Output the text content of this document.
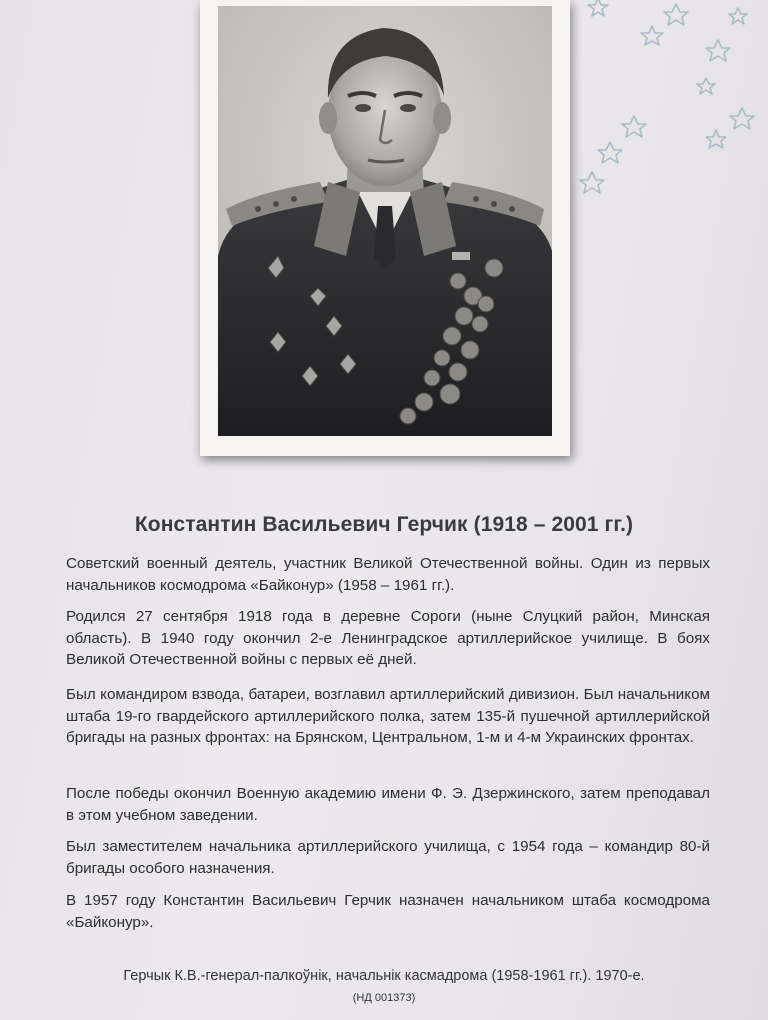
Константин Васильевич Герчик (1918 – 2001 гг.)

Советский военный деятель, участник Великой Отечественной войны. Один из первых начальников космодрома «Байконур» (1958 – 1961 гг.).

Родился 27 сентября 1918 года в деревне Сороги (ныне Слуцкий район, Минская область). В 1940 году окончил 2-е Ленинградское артиллерийское училище. В боях Великой Отечественной войны с первых её дней.

Был командиром взвода, батареи, возглавил артиллерийский дивизион. Был начальником штаба 19-го гвардейского артиллерийского полка, затем 135-й пушечной артиллерийской бригады на разных фронтах: на Брянском, Центральном, 1-м и 4-м Украинских фронтах.

После победы окончил Военную академию имени Ф. Э. Дзержинского, затем преподавал в этом учебном заведении.

Был заместителем начальника артиллерийского училища, с 1954 года – командир 80-й бригады особого назначения.

В 1957 году Константин Васильевич Герчик назначен начальником штаба космодрома «Байконур».

Герчык К.В.-генерал-палкоўнік, начальнік касмадрома (1958-1961 гг.). 1970-е.
(НД 001373)
